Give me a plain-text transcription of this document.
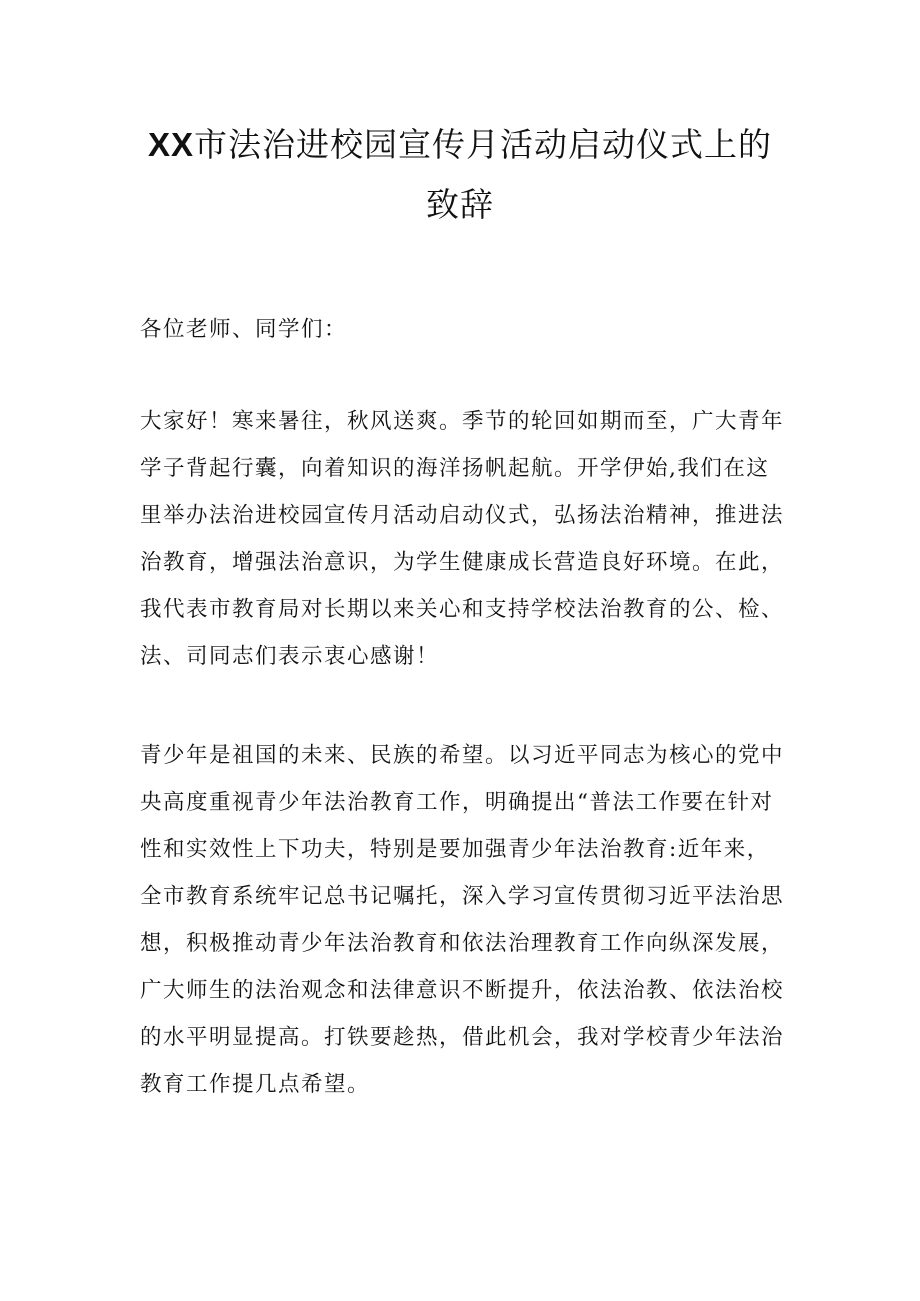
XX市法治进校园宣传月活动启动仪式上的
致辞

各位老师、同学们：

大家好！寒来暑往，秋风送爽。季节的轮回如期而至，广大青年
学子背起行囊，向着知识的海洋扬帆起航。开学伊始,我们在这
里举办法治进校园宣传月活动启动仪式，弘扬法治精神，推进法
治教育，增强法治意识，为学生健康成长营造良好环境。在此，
我代表市教育局对长期以来关心和支持学校法治教育的公、检、
法、司同志们表示衷心感谢！

青少年是祖国的未来、民族的希望。以习近平同志为核心的党中
央高度重视青少年法治教育工作，明确提出“普法工作要在针对
性和实效性上下功夫，特别是要加强青少年法治教育:近年来，
全市教育系统牢记总书记嘱托，深入学习宣传贯彻习近平法治思
想，积极推动青少年法治教育和依法治理教育工作向纵深发展，
广大师生的法治观念和法律意识不断提升，依法治教、依法治校
的水平明显提高。打铁要趁热，借此机会，我对学校青少年法治
教育工作提几点希望。
